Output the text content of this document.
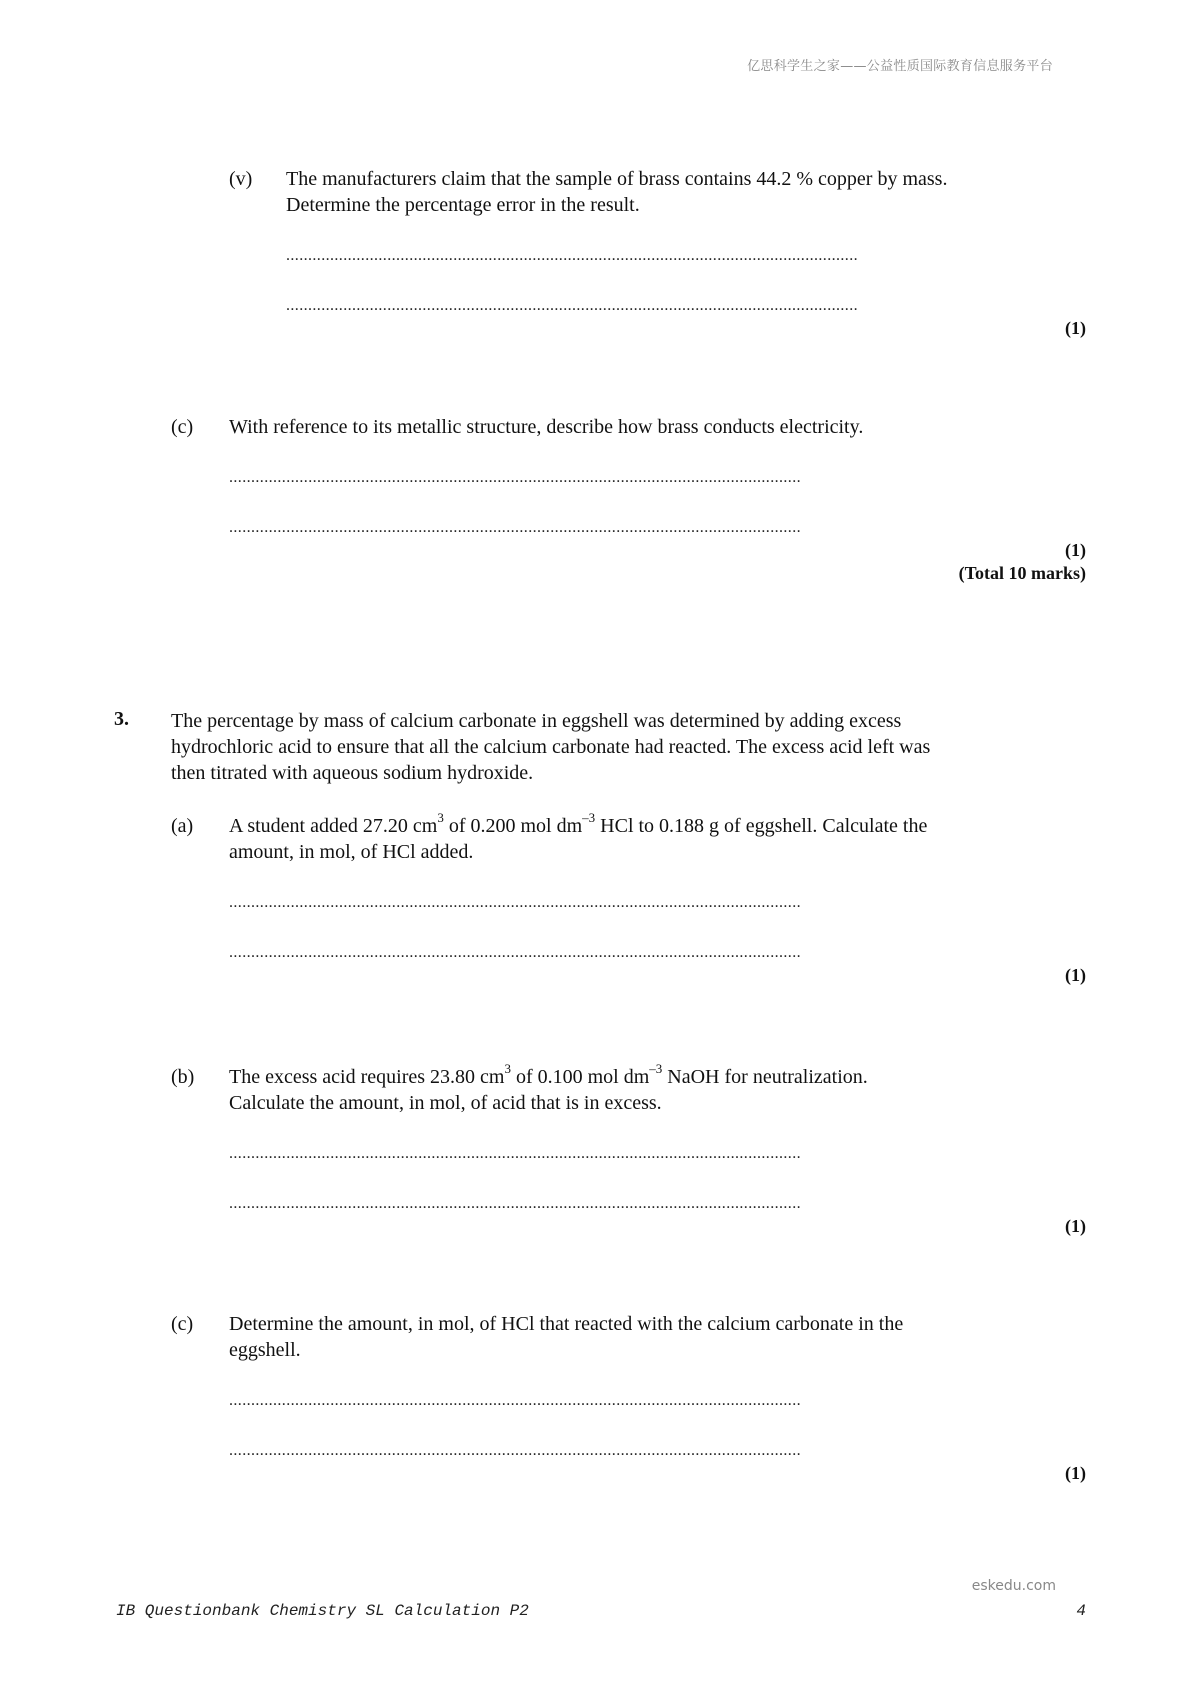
亿思科学生之家——公益性质国际教育信息服务平台
(v) The manufacturers claim that the sample of brass contains 44.2 % copper by mass.
Determine the percentage error in the result.
..................................................................................................................................
..................................................................................................................................
(1)
(c) With reference to its metallic structure, describe how brass conducts electricity.
..................................................................................................................................
..................................................................................................................................
(1)
(Total 10 marks)
3. The percentage by mass of calcium carbonate in eggshell was determined by adding excess
hydrochloric acid to ensure that all the calcium carbonate had reacted. The excess acid left was
then titrated with aqueous sodium hydroxide.
(a) A student added 27.20 $cm^3$ of 0.200 mol $dm^{-3}$ HCl to 0.188 g of eggshell. Calculate the
amount, in mol, of HCl added.
..................................................................................................................................
..................................................................................................................................
(1)
(b) The excess acid requires 23.80 $cm^3$ of 0.100 mol $dm^{-3}$ NaOH for neutralization.
Calculate the amount, in mol, of acid that is in excess.
..................................................................................................................................
..................................................................................................................................
(1)
(c) Determine the amount, in mol, of HCl that reacted with the calcium carbonate in the
eggshell.
..................................................................................................................................
..................................................................................................................................
(1)
eskedu.com
IB Questionbank Chemistry SL Calculation P2	4
